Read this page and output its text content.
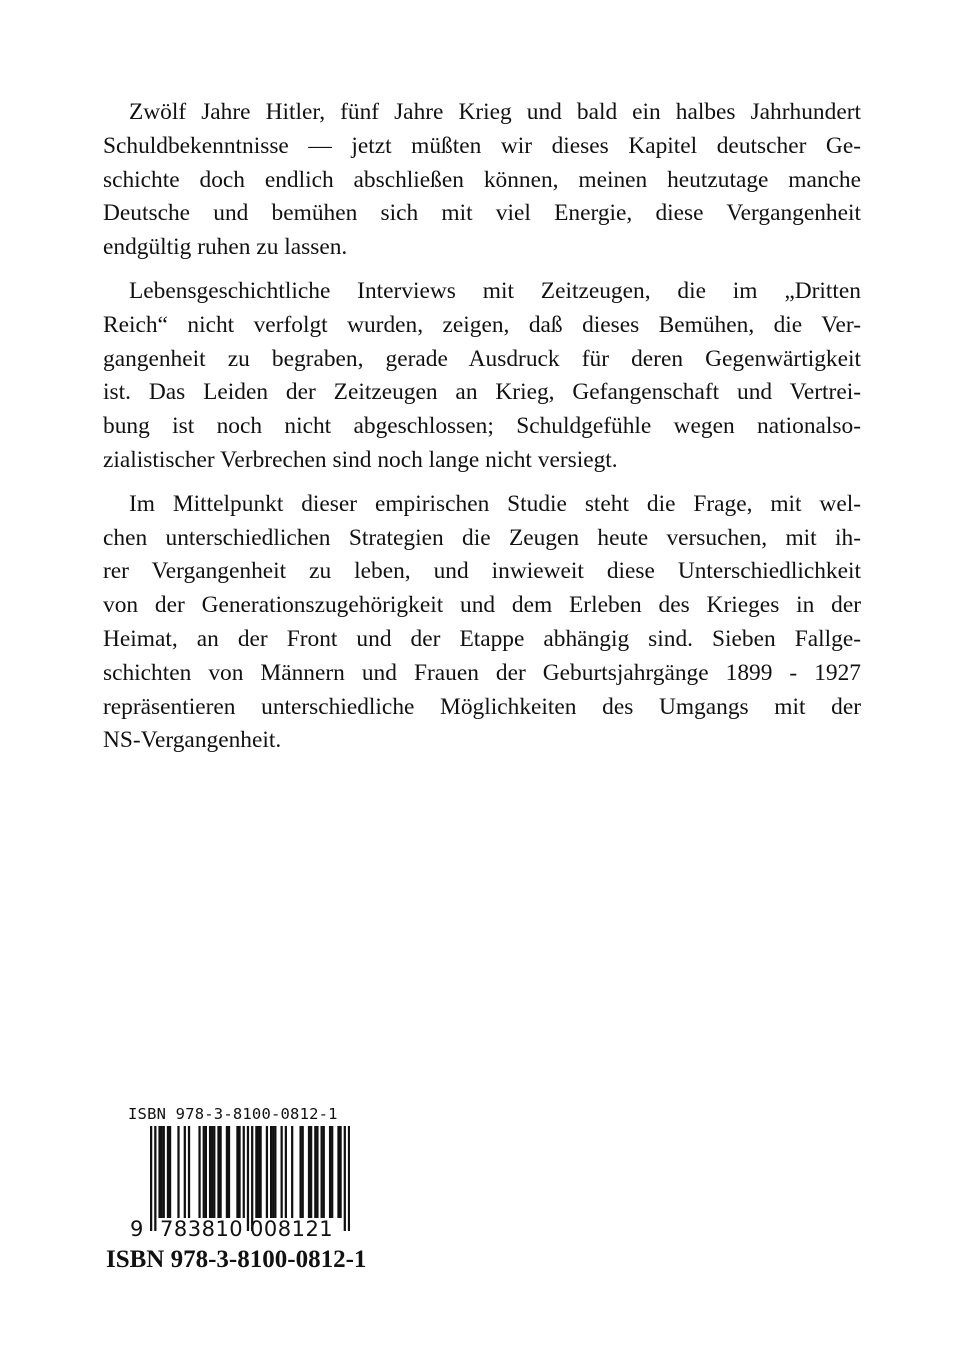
Zwölf Jahre Hitler, fünf Jahre Krieg und bald ein halbes Jahrhundert
Schuldbekenntnisse — jetzt müßten wir dieses Kapitel deutscher Ge-
schichte doch endlich abschließen können, meinen heutzutage manche
Deutsche und bemühen sich mit viel Energie, diese Vergangenheit
endgültig ruhen zu lassen.

Lebensgeschichtliche Interviews mit Zeitzeugen, die im „Dritten
Reich“ nicht verfolgt wurden, zeigen, daß dieses Bemühen, die Ver-
gangenheit zu begraben, gerade Ausdruck für deren Gegenwärtigkeit
ist. Das Leiden der Zeitzeugen an Krieg, Gefangenschaft und Vertrei-
bung ist noch nicht abgeschlossen; Schuldgefühle wegen nationalso-
zialistischer Verbrechen sind noch lange nicht versiegt.

Im Mittelpunkt dieser empirischen Studie steht die Frage, mit wel-
chen unterschiedlichen Strategien die Zeugen heute versuchen, mit ih-
rer Vergangenheit zu leben, und inwieweit diese Unterschiedlichkeit
von der Generationszugehörigkeit und dem Erleben des Krieges in der
Heimat, an der Front und der Etappe abhängig sind. Sieben Fallge-
schichten von Männern und Frauen der Geburtsjahrgänge 1899 - 1927
repräsentieren unterschiedliche Möglichkeiten des Umgangs mit der
NS-Vergangenheit.

ISBN 978-3-8100-0812-1
9 783810 008121
ISBN 978-3-8100-0812-1
